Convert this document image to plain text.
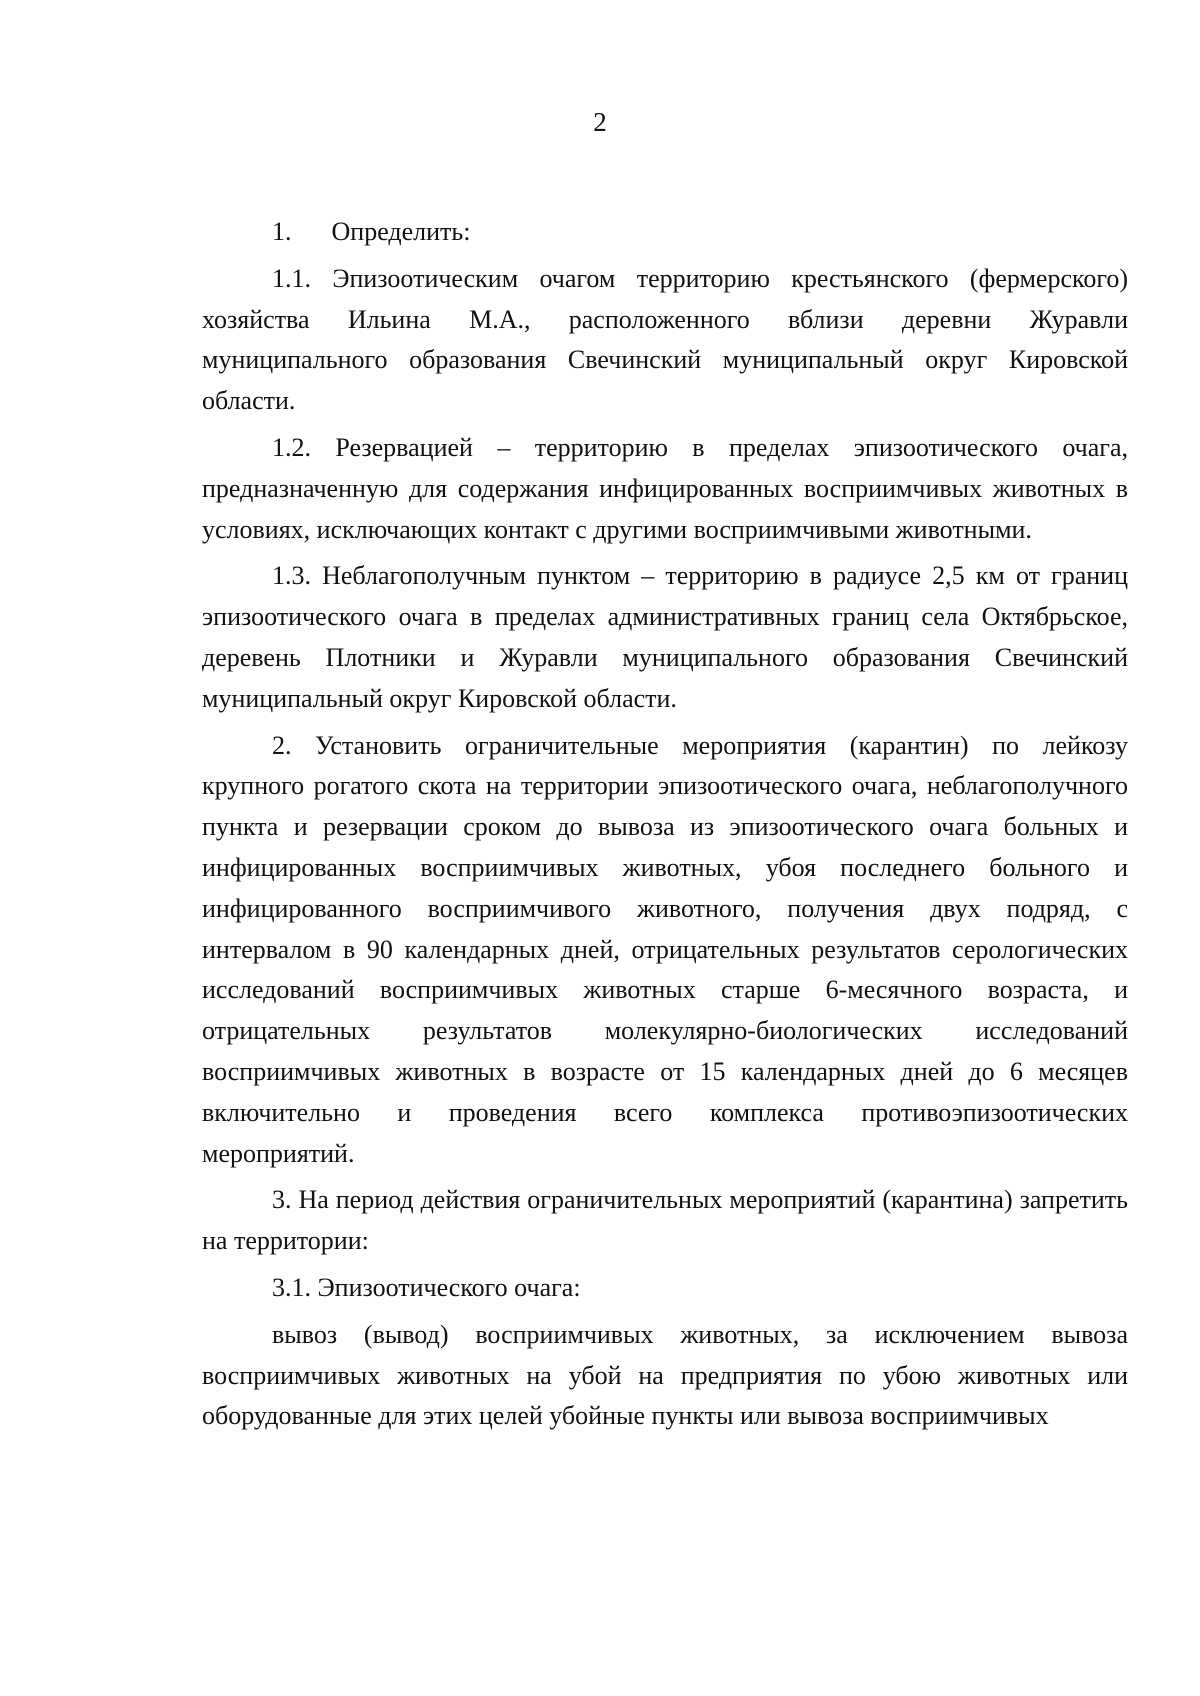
2

1. Определить:

1.1. Эпизоотическим очагом территорию крестьянского (фермерского) хозяйства Ильина М.А., расположенного вблизи деревни Журавли муниципального образования Свечинский муниципальный округ Кировской области.

1.2. Резервацией – территорию в пределах эпизоотического очага, предназначенную для содержания инфицированных восприимчивых животных в условиях, исключающих контакт с другими восприимчивыми животными.

1.3. Неблагополучным пунктом – территорию в радиусе 2,5 км от границ эпизоотического очага в пределах административных границ села Октябрьское, деревень Плотники и Журавли муниципального образования Свечинский муниципальный округ Кировской области.

2. Установить ограничительные мероприятия (карантин) по лейкозу крупного рогатого скота на территории эпизоотического очага, неблагополучного пункта и резервации сроком до вывоза из эпизоотического очага больных и инфицированных восприимчивых животных, убоя последнего больного и инфицированного восприимчивого животного, получения двух подряд, с интервалом в 90 календарных дней, отрицательных результатов серологических исследований восприимчивых животных старше 6-месячного возраста, и отрицательных результатов молекулярно-биологических исследований восприимчивых животных в возрасте от 15 календарных дней до 6 месяцев включительно и проведения всего комплекса противоэпизоотических мероприятий.

3. На период действия ограничительных мероприятий (карантина) запретить на территории:

3.1. Эпизоотического очага:

вывоз (вывод) восприимчивых животных, за исключением вывоза восприимчивых животных на убой на предприятия по убою животных или оборудованные для этих целей убойные пункты или вывоза восприимчивых
